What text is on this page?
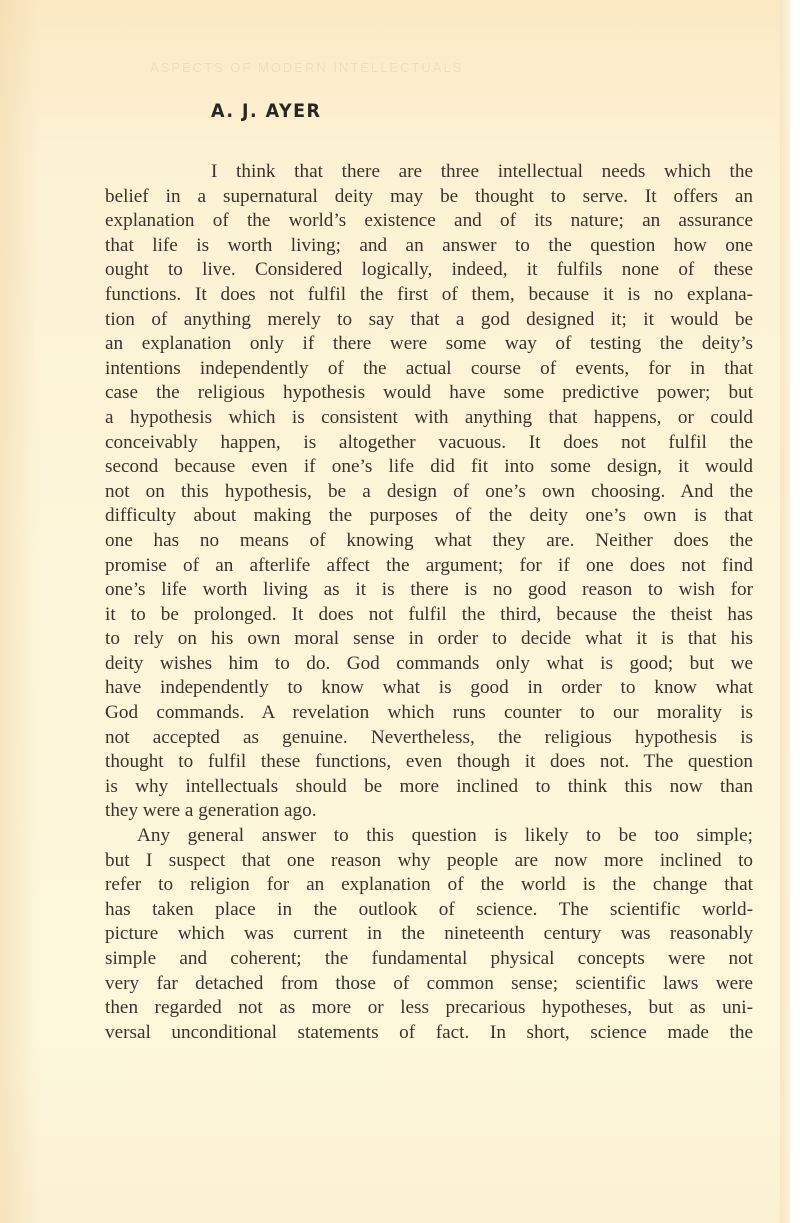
ASPECTS OF MODERN INTELLECTUALS
A. J. AYER
I think that there are three intellectual needs which the
belief in a supernatural deity may be thought to serve. It offers an
explanation of the world’s existence and of its nature; an assurance
that life is worth living; and an answer to the question how one
ought to live. Considered logically, indeed, it fulfils none of these
functions. It does not fulfil the first of them, because it is no explana-
tion of anything merely to say that a god designed it; it would be
an explanation only if there were some way of testing the deity’s
intentions independently of the actual course of events, for in that
case the religious hypothesis would have some predictive power; but
a hypothesis which is consistent with anything that happens, or could
conceivably happen, is altogether vacuous. It does not fulfil the
second because even if one’s life did fit into some design, it would
not on this hypothesis, be a design of one’s own choosing. And the
difficulty about making the purposes of the deity one’s own is that
one has no means of knowing what they are. Neither does the
promise of an afterlife affect the argument; for if one does not find
one’s life worth living as it is there is no good reason to wish for
it to be prolonged. It does not fulfil the third, because the theist has
to rely on his own moral sense in order to decide what it is that his
deity wishes him to do. God commands only what is good; but we
have independently to know what is good in order to know what
God commands. A revelation which runs counter to our morality is
not accepted as genuine. Nevertheless, the religious hypothesis is
thought to fulfil these functions, even though it does not. The question
is why intellectuals should be more inclined to think this now than
they were a generation ago.
Any general answer to this question is likely to be too simple;
but I suspect that one reason why people are now more inclined to
refer to religion for an explanation of the world is the change that
has taken place in the outlook of science. The scientific world-
picture which was current in the nineteenth century was reasonably
simple and coherent; the fundamental physical concepts were not
very far detached from those of common sense; scientific laws were
then regarded not as more or less precarious hypotheses, but as uni-
versal unconditional statements of fact. In short, science made the
